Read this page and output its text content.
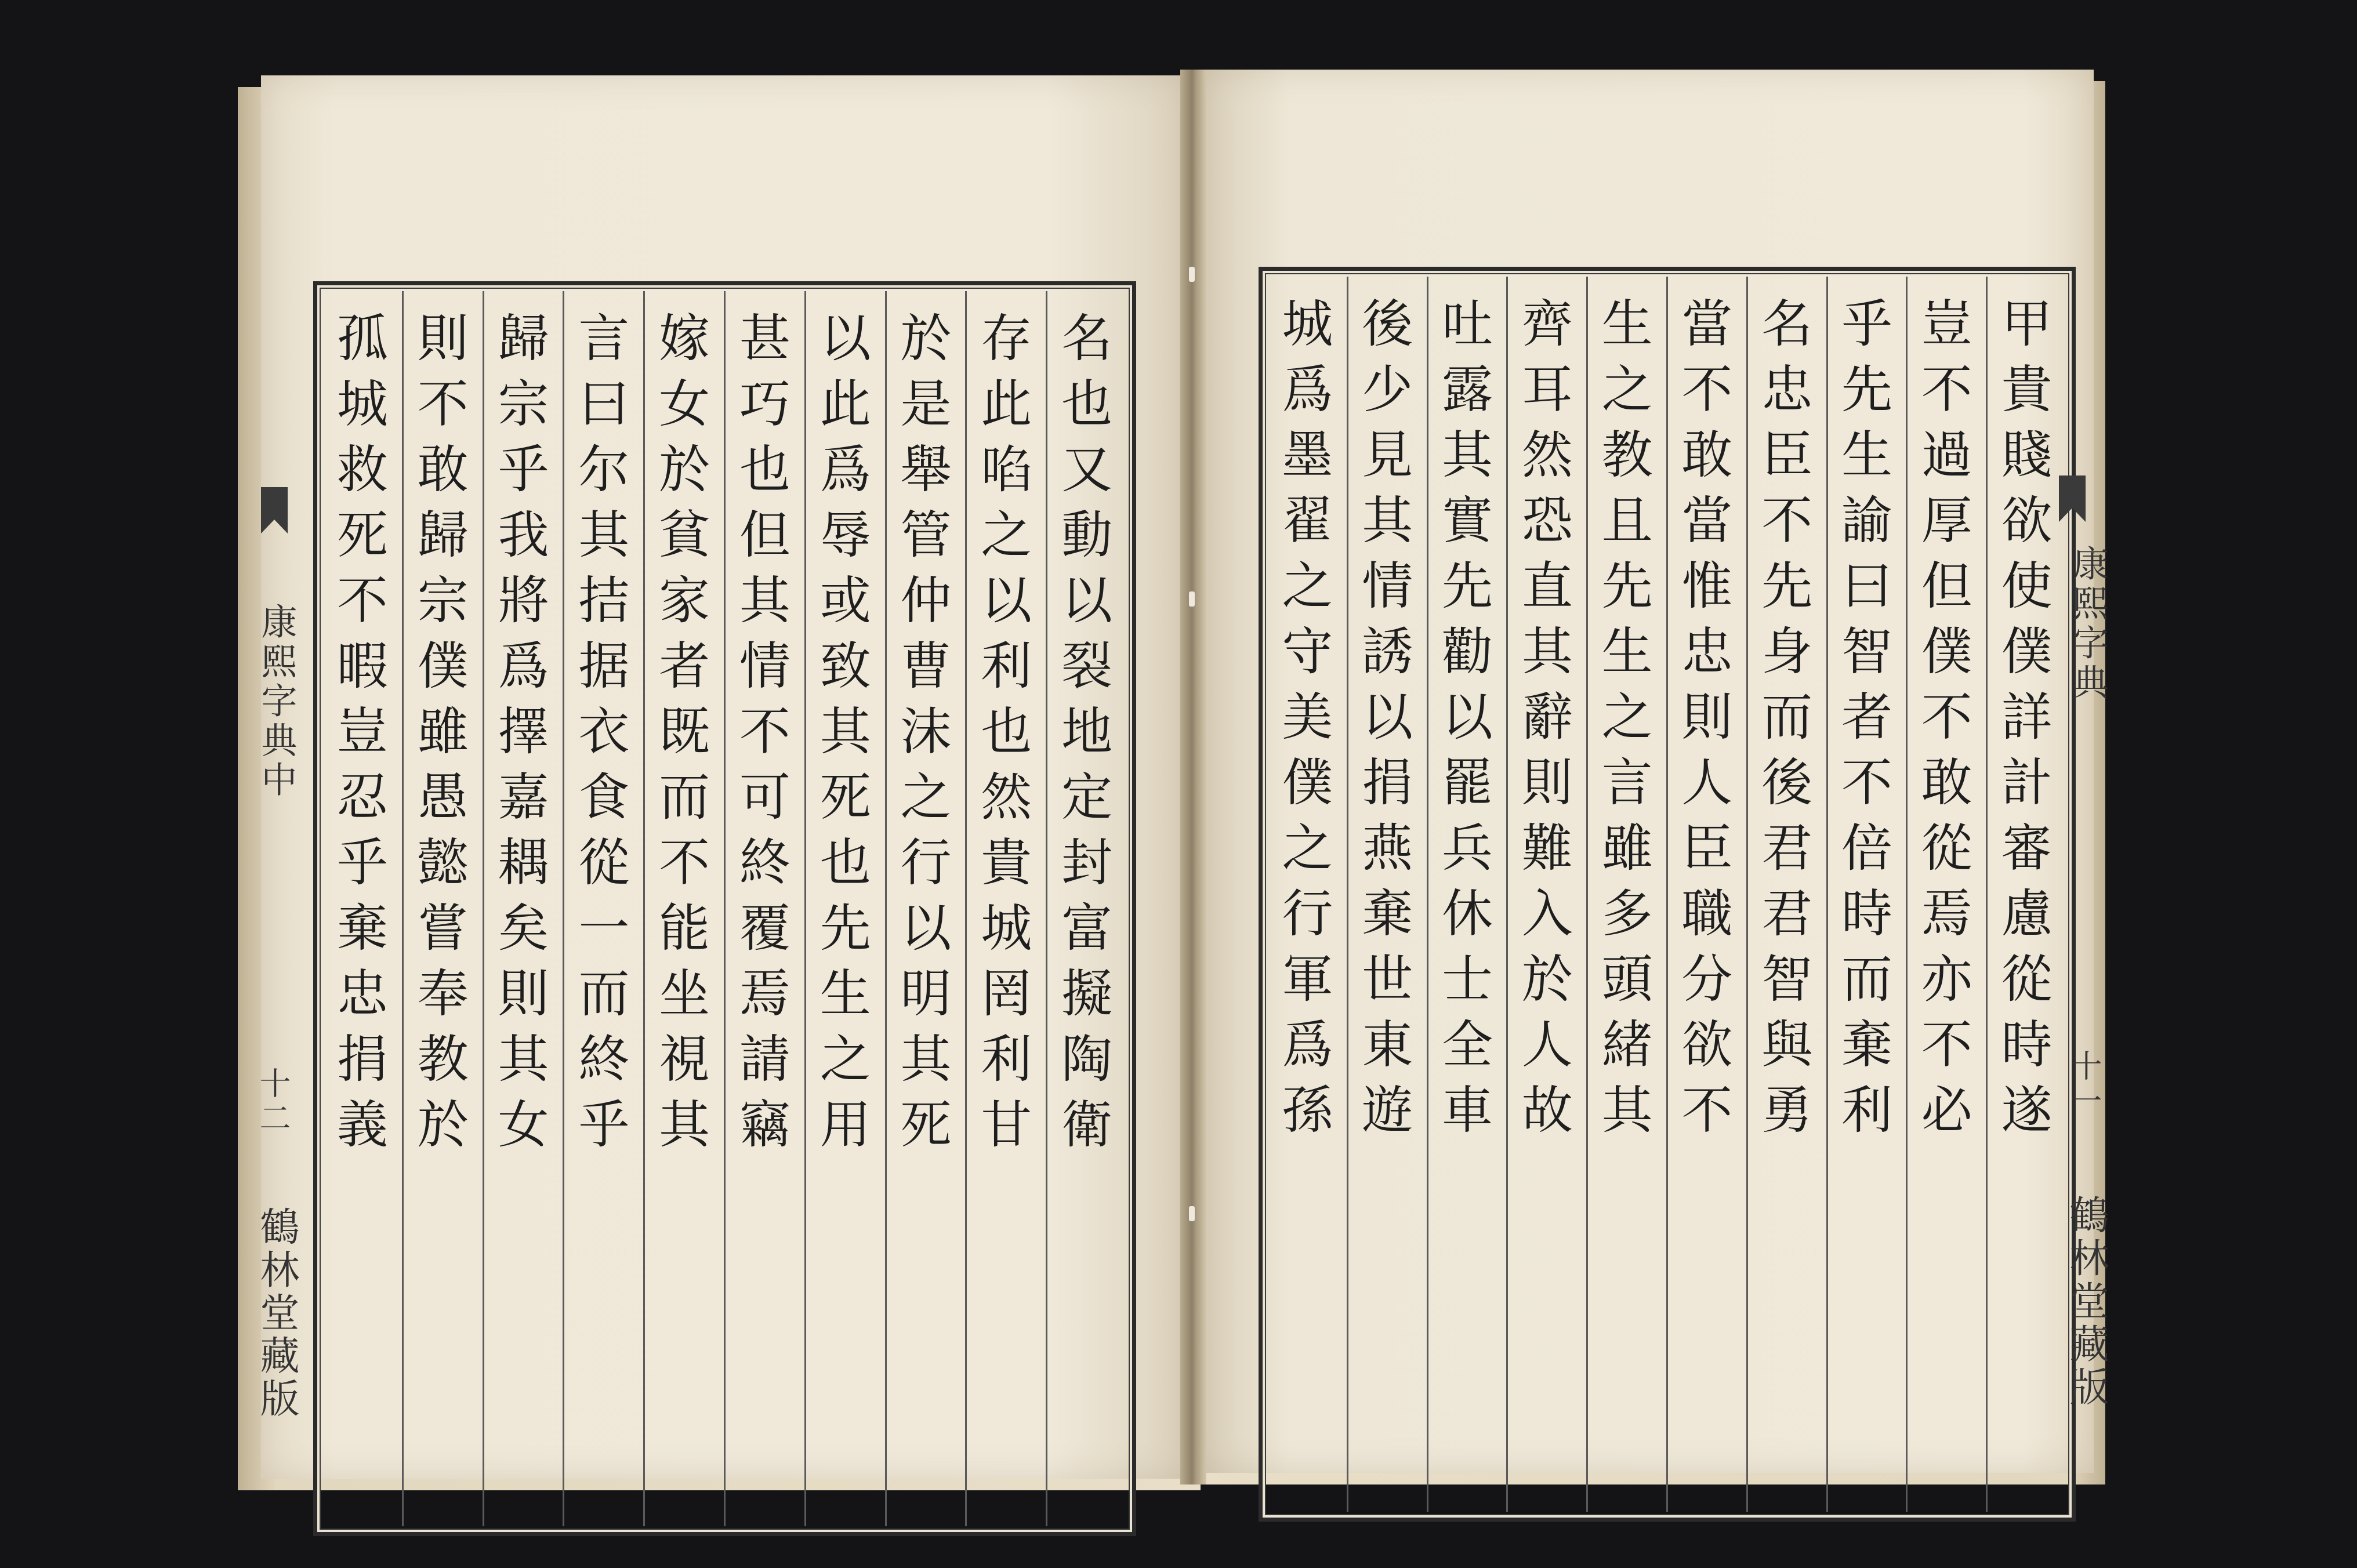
名
也
又
動
以
裂
地
定
封
富
擬
陶
衛
存
此
啗
之
以
利
也
然
貴
城
罔
利
甘
於
是
舉
管
仲
曹
沫
之
行
以
明
其
死
以
此
爲
辱
或
致
其
死
也
先
生
之
用
甚
巧
也
但
其
情
不
可
終
覆
焉
請
竊
嫁
女
於
貧
家
者
既
而
不
能
坐
視
其
言
曰
尔
其
拮
据
衣
食
從
一
而
終
乎
歸
宗
乎
我
將
爲
擇
嘉
耦
矣
則
其
女
則
不
敢
歸
宗
僕
雖
愚
懿
嘗
奉
教
於
孤
城
救
死
不
暇
豈
忍
乎
棄
忠
捐
義
甲
貴
賤
欲
使
僕
詳
計
審
慮
從
時
遂
豈
不
過
厚
但
僕
不
敢
從
焉
亦
不
必
乎
先
生
諭
曰
智
者
不
倍
時
而
棄
利
名
忠
臣
不
先
身
而
後
君
君
智
與
勇
當
不
敢
當
惟
忠
則
人
臣
職
分
欲
不
生
之
教
且
先
生
之
言
雖
多
頭
緒
其
齊
耳
然
恐
直
其
辭
則
難
入
於
人
故
吐
露
其
實
先
勸
以
罷
兵
休
士
全
車
後
少
見
其
情
誘
以
捐
燕
棄
世
東
遊
城
爲
墨
翟
之
守
美
僕
之
行
軍
爲
孫
康熙字典中
十二
鶴林堂藏版
康熙字典
十一
鶴林堂藏版
